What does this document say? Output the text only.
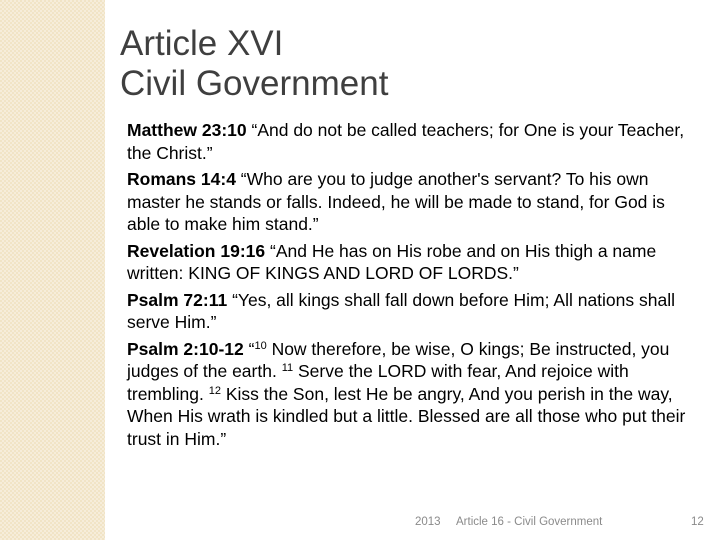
Article XVI
Civil Government

Matthew 23:10 “And do not be called teachers; for One is your Teacher, the Christ.”

Romans 14:4 “Who are you to judge another's servant? To his own master he stands or falls. Indeed, he will be made to stand, for God is able to make him stand.”

Revelation 19:16 “And He has on His robe and on His thigh a name written: KING OF KINGS AND LORD OF LORDS.”

Psalm 72:11 “Yes, all kings shall fall down before Him; All nations shall serve Him.”

Psalm 2:10-12 “$^{10}$ Now therefore, be wise, O kings; Be instructed, you judges of the earth. $^{11}$ Serve the LORD with fear, And rejoice with trembling. $^{12}$ Kiss the Son, lest He be angry, And you perish in the way, When His wrath is kindled but a little. Blessed are all those who put their trust in Him.”

2013 Article 16 - Civil Government	12
